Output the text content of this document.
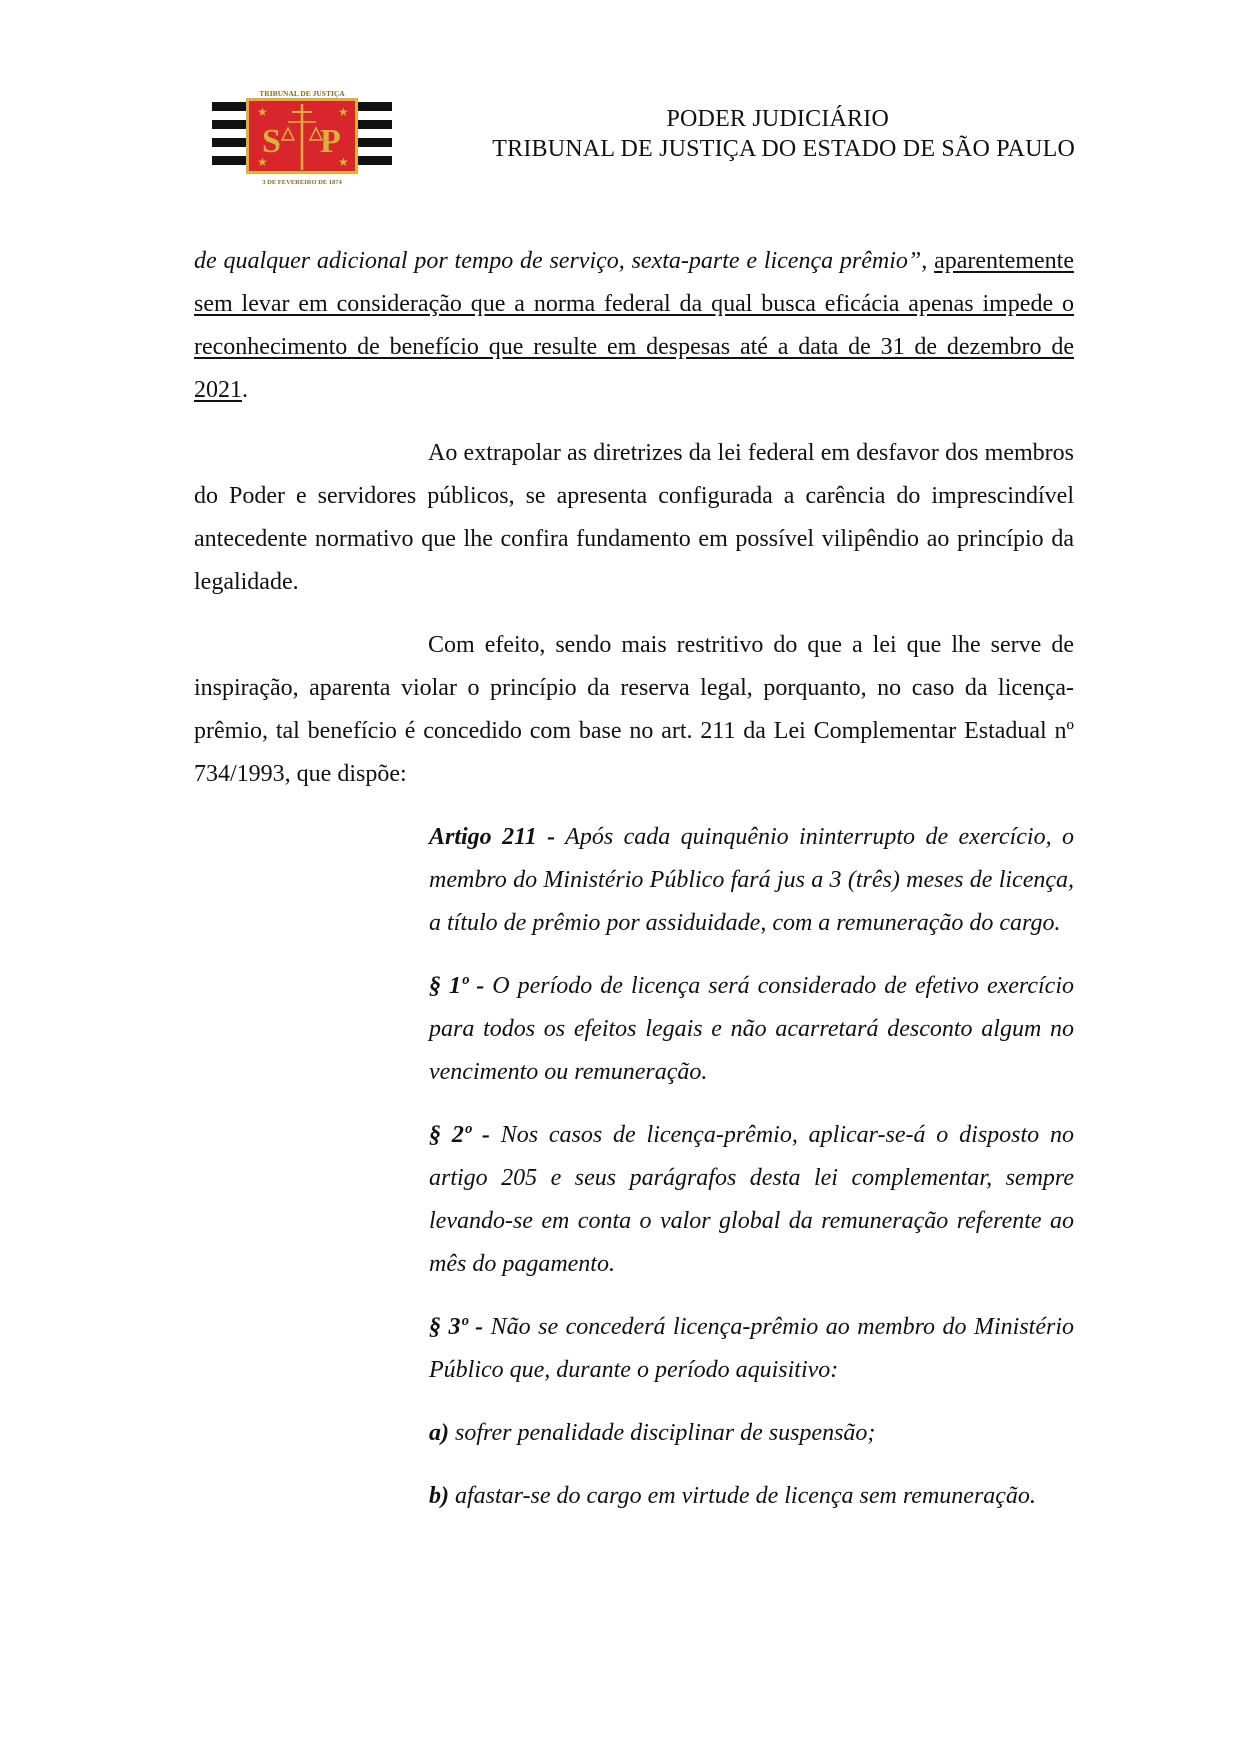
★	★
★	★
S P
TRIBUNAL DE JUSTIÇA
3 DE FEVEREIRO DE 1874
PODER JUDICIÁRIO
TRIBUNAL DE JUSTIÇA DO ESTADO DE SÃO PAULO

de qualquer adicional por tempo de serviço, sexta-parte e licença prêmio”, aparentemente sem levar em consideração que a norma federal da qual busca eficácia apenas impede o reconhecimento de benefício que resulte em despesas até a data de 31 de dezembro de 2021.

Ao extrapolar as diretrizes da lei federal em desfavor dos membros do Poder e servidores públicos, se apresenta configurada a carência do imprescindível antecedente normativo que lhe confira fundamento em possível vilipêndio ao princípio da legalidade.

Com efeito, sendo mais restritivo do que a lei que lhe serve de inspiração, aparenta violar o princípio da reserva legal, porquanto, no caso da licença-prêmio, tal benefício é concedido com base no art. 211 da Lei Complementar Estadual nº 734/1993, que dispõe:

Artigo 211 - Após cada quinquênio ininterrupto de exercício, o membro do Ministério Público fará jus a 3 (três) meses de licença, a título de prêmio por assiduidade, com a remuneração do cargo.

§ 1º - O período de licença será considerado de efetivo exercício para todos os efeitos legais e não acarretará desconto algum no vencimento ou remuneração.

§ 2º - Nos casos de licença-prêmio, aplicar-se-á o disposto no artigo 205 e seus parágrafos desta lei complementar, sempre levando-se em conta o valor global da remuneração referente ao mês do pagamento.

§ 3º - Não se concederá licença-prêmio ao membro do Ministério Público que, durante o período aquisitivo:

a) sofrer penalidade disciplinar de suspensão;

b) afastar-se do cargo em virtude de licença sem remuneração.
